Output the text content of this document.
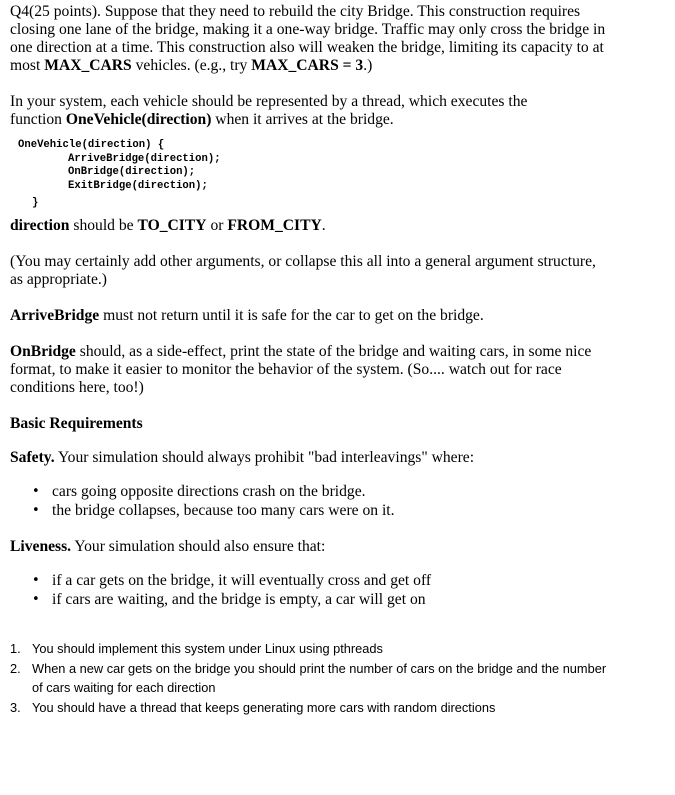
Q4(25 points). Suppose that they need to rebuild the city Bridge. This construction requires
closing one lane of the bridge, making it a one-way bridge. Traffic may only cross the bridge in
one direction at a time. This construction also will weaken the bridge, limiting its capacity to at
most MAX_CARS vehicles. (e.g., try MAX_CARS = 3.)

In your system, each vehicle should be represented by a thread, which executes the
function OneVehicle(direction) when it arrives at the bridge.

OneVehicle(direction) {
ArriveBridge(direction);
OnBridge(direction);
ExitBridge(direction);
}

direction should be TO_CITY or FROM_CITY.

(You may certainly add other arguments, or collapse this all into a general argument structure,
as appropriate.)

ArriveBridge must not return until it is safe for the car to get on the bridge.

OnBridge should, as a side-effect, print the state of the bridge and waiting cars, in some nice
format, to make it easier to monitor the behavior of the system. (So.... watch out for race
conditions here, too!)

Basic Requirements

Safety. Your simulation should always prohibit "bad interleavings" where:

• cars going opposite directions crash on the bridge.
• the bridge collapses, because too many cars were on it.

Liveness. Your simulation should also ensure that:

• if a car gets on the bridge, it will eventually cross and get off
• if cars are waiting, and the bridge is empty, a car will get on
1. You should implement this system under Linux using pthreads
2. When a new car gets on the bridge you should print the number of cars on the bridge and the number
of cars waiting for each direction
3. You should have a thread that keeps generating more cars with random directions
